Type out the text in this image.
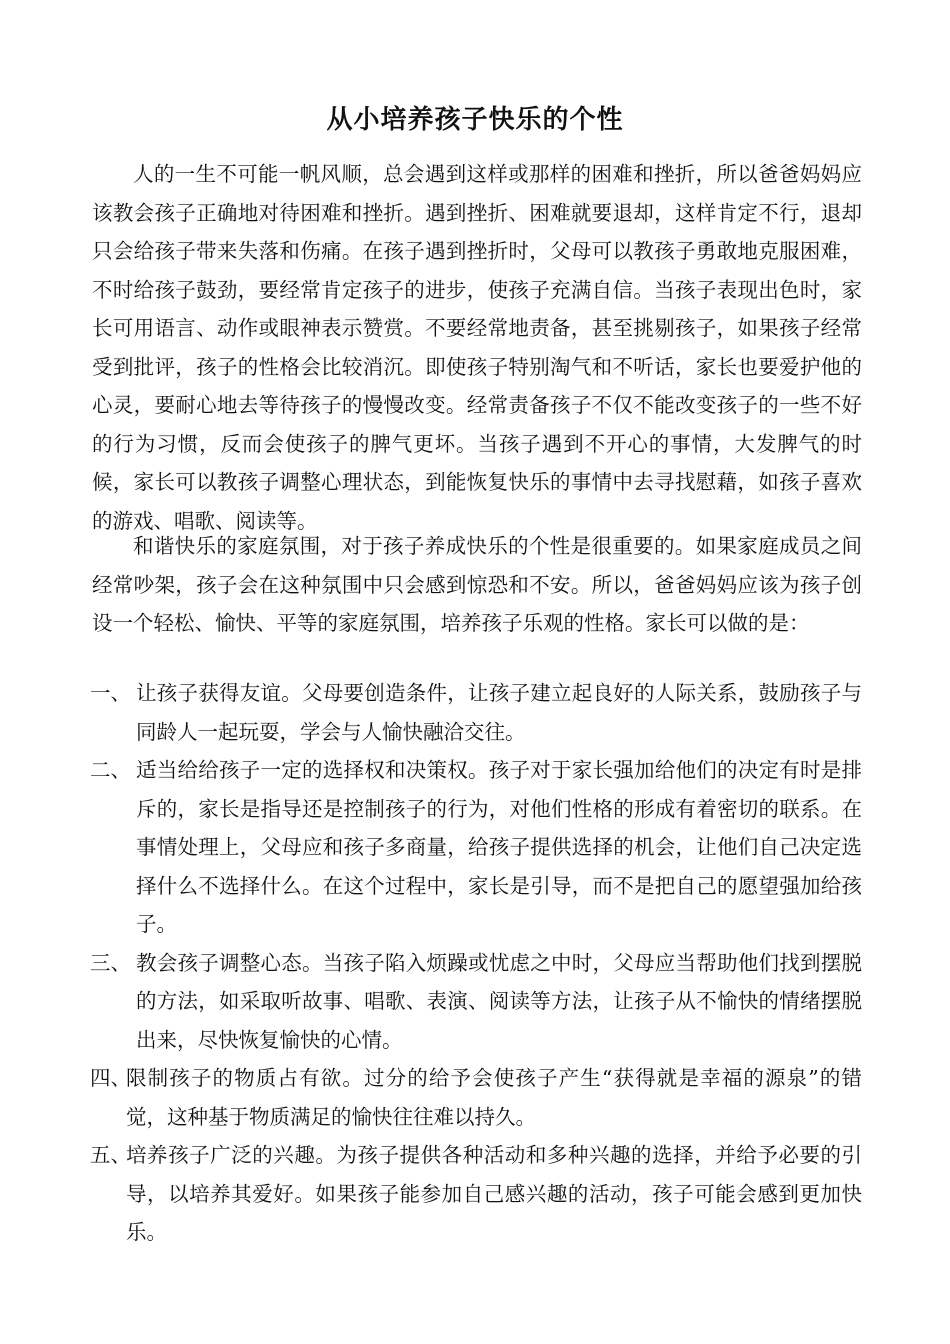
从小培养孩子快乐的个性

人的一生不可能一帆风顺，总会遇到这样或那样的困难和挫折，所以爸爸妈妈应该教会孩子正确地对待困难和挫折。遇到挫折、困难就要退却，这样肯定不行，退却只会给孩子带来失落和伤痛。在孩子遇到挫折时，父母可以教孩子勇敢地克服困难，不时给孩子鼓劲，要经常肯定孩子的进步，使孩子充满自信。当孩子表现出色时，家长可用语言、动作或眼神表示赞赏。不要经常地责备，甚至挑剔孩子，如果孩子经常受到批评，孩子的性格会比较消沉。即使孩子特别淘气和不听话，家长也要爱护他的心灵，要耐心地去等待孩子的慢慢改变。经常责备孩子不仅不能改变孩子的一些不好的行为习惯，反而会使孩子的脾气更坏。当孩子遇到不开心的事情，大发脾气的时候，家长可以教孩子调整心理状态，到能恢复快乐的事情中去寻找慰藉，如孩子喜欢的游戏、唱歌、阅读等。

和谐快乐的家庭氛围，对于孩子养成快乐的个性是很重要的。如果家庭成员之间经常吵架，孩子会在这种氛围中只会感到惊恐和不安。所以，爸爸妈妈应该为孩子创设一个轻松、愉快、平等的家庭氛围，培养孩子乐观的性格。家长可以做的是：

一、 让孩子获得友谊。父母要创造条件，让孩子建立起良好的人际关系，鼓励孩子与同龄人一起玩耍，学会与人愉快融洽交往。
二、 适当给给孩子一定的选择权和决策权。孩子对于家长强加给他们的决定有时是排斥的，家长是指导还是控制孩子的行为，对他们性格的形成有着密切的联系。在事情处理上，父母应和孩子多商量，给孩子提供选择的机会，让他们自己决定选择什么不选择什么。在这个过程中，家长是引导，而不是把自己的愿望强加给孩子。
三、 教会孩子调整心态。当孩子陷入烦躁或忧虑之中时，父母应当帮助他们找到摆脱的方法，如采取听故事、唱歌、表演、阅读等方法，让孩子从不愉快的情绪摆脱出来，尽快恢复愉快的心情。
四、
限制孩子的物质占有欲。过分的给予会使孩子产生“获得就是幸福的源泉”的错觉，这种基于物质满足的愉快往往难以持久。
五、
培养孩子广泛的兴趣。为孩子提供各种活动和多种兴趣的选择，并给予必要的引导，以培养其爱好。如果孩子能参加自己感兴趣的活动，孩子可能会感到更加快乐。
